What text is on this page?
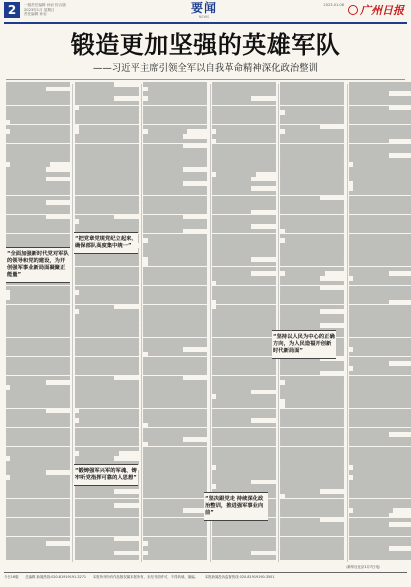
2	一版责任编辑 孙岩 综合版
2023年1月 星期日
责任编辑 孙岩	要闻
NEWS
2023.01.08	广州日报
锻造更加坚强的英雄军队
——习近平主席引领全军以自我革命精神深化政治整训
“全面加强新时代党对军队的领导和党的建设，为开创强军事业新局面凝聚正能量”
“锻铸强军兴军的军魂、铸牢听党指挥可靠的人思想”
“把党章党规党纪立起来、确保部队高度集中统一”
“坚决跟党走 持续深化政治整训，推进强军事业向前”
“坚持以人民为中心的正确方向，为人民造福开创新时代新局面”
（新华社北京1月7日电）
今日16版　　总编辑 新闻热线:020-81919191-3271　　本报所刊所有作品版权属本报所有，未经书面许可，不得转载、摘编。　　本报新闻投诉监督热线 020-81919190-3501
